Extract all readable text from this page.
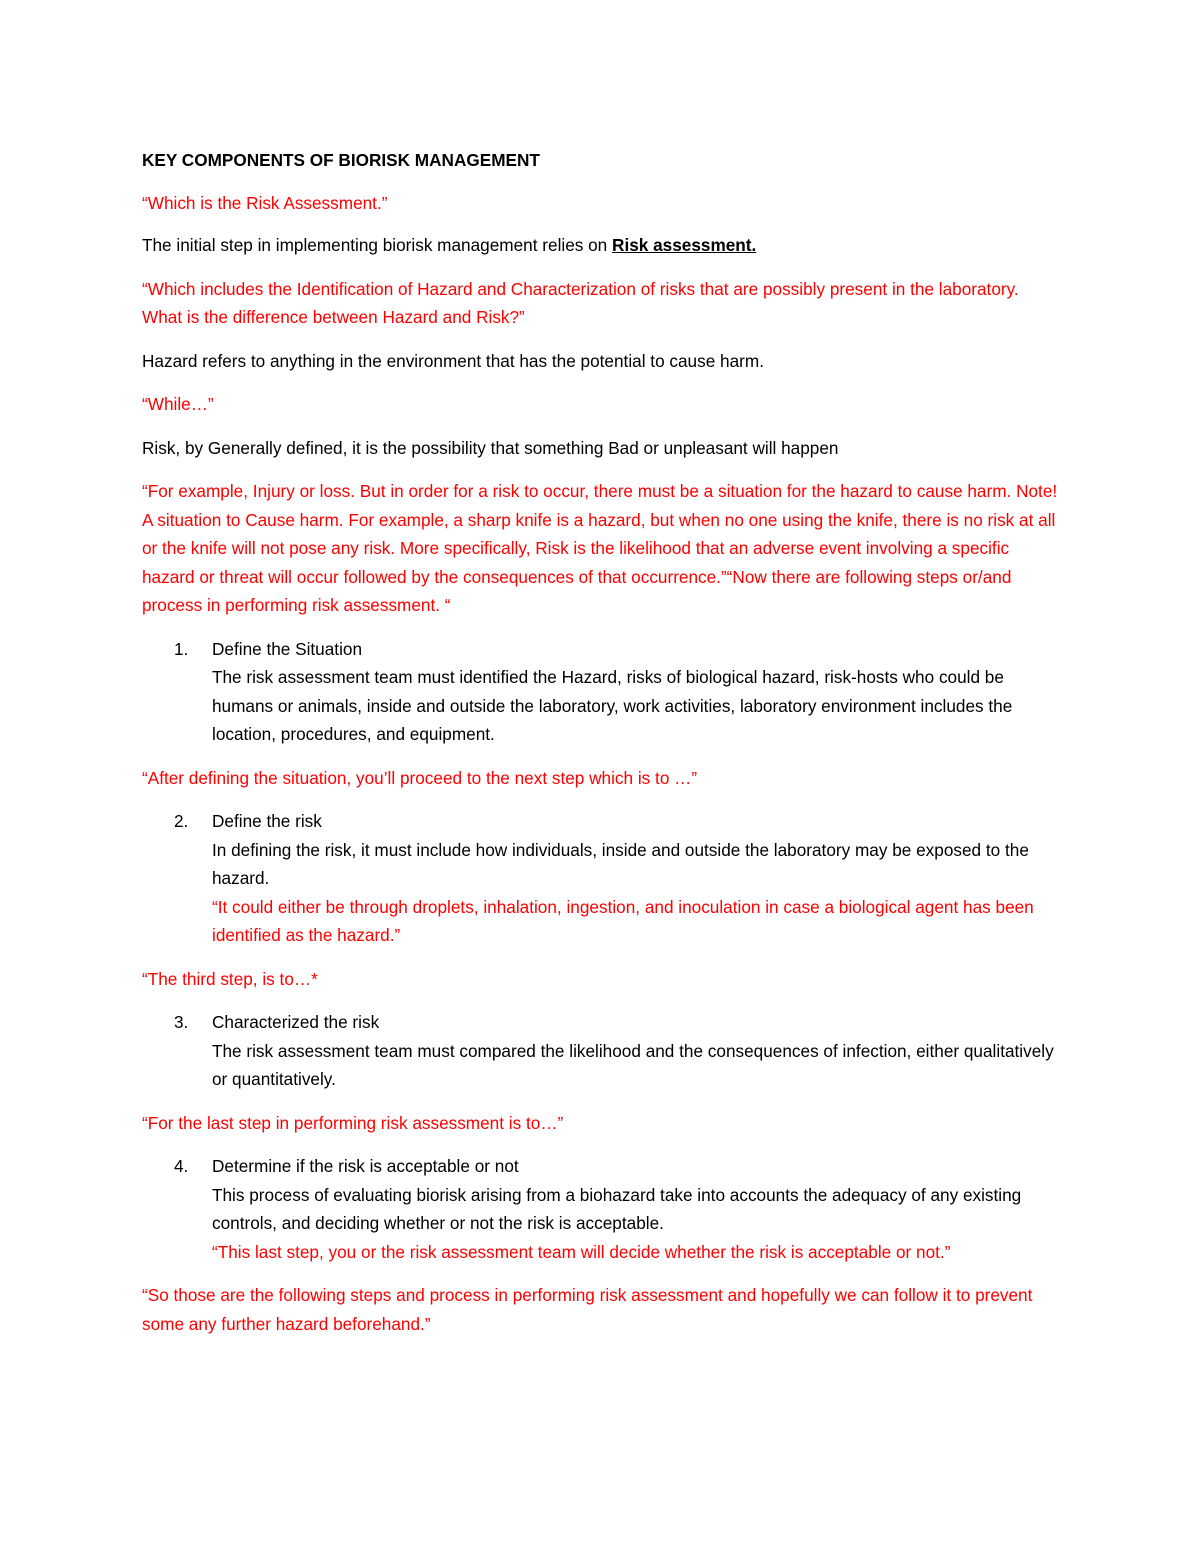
KEY COMPONENTS OF BIORISK MANAGEMENT

“Which is the Risk Assessment.”

The initial step in implementing biorisk management relies on Risk assessment.

“Which includes the Identification of Hazard and Characterization of risks that are possibly present in the laboratory. What is the difference between Hazard and Risk?”

Hazard refers to anything in the environment that has the potential to cause harm.

“While…”

Risk, by Generally defined, it is the possibility that something Bad or unpleasant will happen

“For example, Injury or loss. But in order for a risk to occur, there must be a situation for the hazard to cause harm. Note! A situation to Cause harm. For example, a sharp knife is a hazard, but when no one using the knife, there is no risk at all or the knife will not pose any risk. More specifically, Risk is the likelihood that an adverse event involving a specific hazard or threat will occur followed by the consequences of that occurrence.”“Now there are following steps or/and process in performing risk assessment. “

1. Define the Situation

The risk assessment team must identified the Hazard, risks of biological hazard, risk-hosts who could be humans or animals, inside and outside the laboratory, work activities, laboratory environment includes the location, procedures, and equipment.

“After defining the situation, you’ll proceed to the next step which is to …”

2. Define the risk

In defining the risk, it must include how individuals, inside and outside the laboratory may be exposed to the hazard.

“It could either be through droplets, inhalation, ingestion, and inoculation in case a biological agent has been identified as the hazard.”

“The third step, is to…*

3. Characterized the risk

The risk assessment team must compared the likelihood and the consequences of infection, either qualitatively or quantitatively.

“For the last step in performing risk assessment is to…”

4. Determine if the risk is acceptable or not

This process of evaluating biorisk arising from a biohazard take into accounts the adequacy of any existing controls, and deciding whether or not the risk is acceptable.

“This last step, you or the risk assessment team will decide whether the risk is acceptable or not.”

“So those are the following steps and process in performing risk assessment and hopefully we can follow it to prevent some any further hazard beforehand.”
